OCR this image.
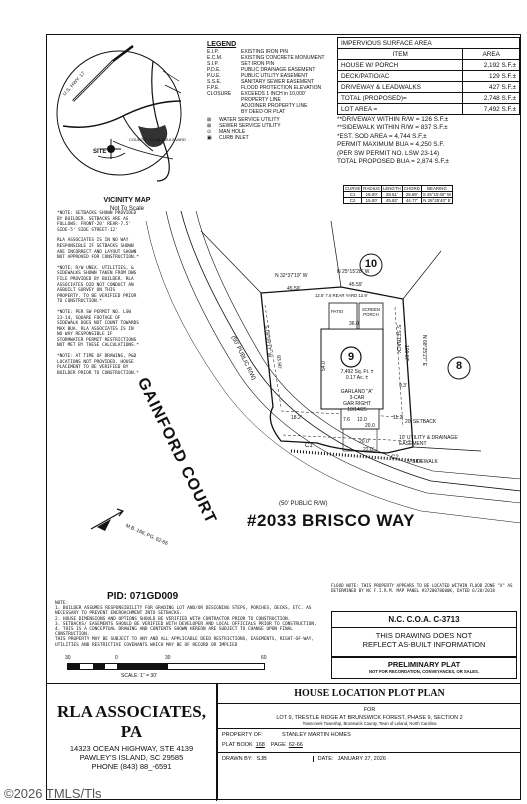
SITE
U.S. HWY. 17
COUNTRY CLUB BOULEVARD
VICINITY MAP
Not To Scale
LEGEND
E.I.P.	EXISTING IRON PIN
E.C.M.	EXISTING CONCRETE MONUMENT
S.I.P.	SET IRON PIN
P.D.E.	PUBLIC DRAINAGE EASEMENT
P.U.E.	PUBLIC UTILITY EASEMENT
S.S.E.	SANITARY SEWER EASEMENT
F.P.E.	FLOOD PROTECTION ELEVATION
CLOSURE	EXCEEDS 1 INCH in 10,000'
PROPERTY LINE
ADJOINER PROPERTY LINE
BY DEED OR PLAT
⊠ WATER SERVICE UTILITY
⊠ SEWER SERVICE UTILITY
⊙ MAN HOLE
▣ CURB INLET
IMPERVIOUS SURFACE AREA	
ITEM	AREA
HOUSE W/ PORCH	2,192 S.F.±
DECK/PATIO/AC	129 S.F.±
DRIVEWAY & LEADWALKS	427 S.F.±
TOTAL (PROPOSED)=	2,748 S.F.±
LOT AREA =	7,492 S.F.±
**DRIVEWAY WITHIN R/W = 126 S.F.±
**SIDEWALK WITHIN R/W = 837 S.F.±
*EST. SOD AREA = 4,744 S.F.±
PERMIT MAXIMUM BUA = 4,250 S.F.
(PER SW PERMIT NO. LSW 23-14)
TOTAL PROPOSED BUA = 2,874 S.F.±
CURVE	RADIUS	LENGTH	CHORD	BEARING
C1	18.00'	28.61'	25.69'	S 25°15'40" W
C2	15.00'	45.82'	44.77'	N 28°25'40" E
*NOTE: SETBACKS SHOWN PROVIDED BY BUILDER. SETBACKS ARE AS FOLLOWS: FRONT-20' REAR-7.5' SIDE-5' SIDE STREET-12'
RLA ASSOCIATES IS IN NO WAY RESPONSIBLE IF SETBACKS SHOWN ARE INCORRECT AND LAYOUT SHOWN NOT APPROVED FOR CONSTRUCTION.*
*NOTE: R/W UNEX. UTILITIES, & SIDEWALKS SHOWN TAKEN FROM DWG FILE PROVIDED BY BUILDER. RLA ASSOCIATES DID NOT CONDUCT AN ASBUILT SURVEY ON THIS PROPERTY. TO BE VERIFIED PRIOR TO CONSTRUCTION.*
*NOTE: PER SW PERMIT NO. LSW 23-14, SQUARE FOOTAGE OF SIDEWALK DOES NOT COUNT TOWARDS MAX BUA. RLA ASSOCIATES IS IN NO WAY RESPONSIBLE IF STORMWATER PERMIT RESTRICTIONS NOT MET BY THESE CALCULATIONS.*
*NOTE: AT TIME OF DRAWING, P&D LOCATIONS NOT PROVIDED. HOUSE PLACEMENT TO BE VERIFIED BY BUILDER PRIOR TO CONSTRUCTION.*
10
9
8
GAINFORD COURT
(50' PUBLIC R/W)
N 32°37'19" W
N 25°15'28" W
N 68°25'27" E
S 09°09'17" W
45.59'
45.59'
83.90'
100.07'
12.5' 7.6 REAR YARD 12.9'
PATIO	SCREEN PORCH
7,492 Sq. Ft. ±
0.17 Ac. ±
GARLAND "A"
3-CAR
GAR RIGHT
10/14/25
5' SETBACK
20' SETBACK
10' UTILITY & DRAINAGE EASEMENT
5' SIDEWALK
C1
C2
22.0'
54.0
36.0
20.0
11.2'
9.3'
20.0'
18.2'	7.6 12.0
(50' PUBLIC R/W)
#2033 BRISCO WAY
M.B. 168, PG. 62-66
PID: 071GD009
FLOOD NOTE: THIS PROPERTY APPEARS TO BE LOCATED WITHIN FLOOD ZONE "X" AS DETERMINED BY NC F.I.R.M. MAP PANEL #3720078600K, DATED 6/28/2018
NOTE:
1. BUILDER ASSUMES RESPONSIBILITY FOR GRADING LOT AND/OR DESIGNING STEPS, PORCHES, DECKS, ETC. AS NECESSARY TO PREVENT ENCROACHMENT INTO SETBACKS.
2. HOUSE DIMENSIONS AND OPTIONS SHOULD BE VERIFIED WITH CONTRACTOR PRIOR TO CONSTRUCTION.
3. SETBACKS/ EASEMENTS SHOULD BE VERIFIED WITH DEVELOPER AND LOCAL OFFICIALS PRIOR TO CONSTRUCTION.
4. THIS IS A CONCEPTUAL DRAWING AND CONTENTS SHOWN HEREON ARE SUBJECT TO CHANGE UPON FINAL CONSTRUCTION.
THIS PROPERTY MAY BE SUBJECT TO ANY AND ALL APPLICABLE DEED RESTRICTIONS, EASEMENTS, RIGHT-OF-WAY, UTILITIES AND RESTRICTIVE COVENANTS WHICH MAY BE OF RECORD OR IMPLIED
N.C. C.O.A. C-3713
THIS DRAWING DOES NOT
REFLECT AS-BUILT INFORMATION
PRELIMINARY PLAT
NOT FOR RECORDATION, CONVEYANCES, OR SALES.
30	0	30	60
SCALE: 1" = 30'
RLA ASSOCIATES, PA
14323 OCEAN HIGHWAY, STE 4139
PAWLEY'S ISLAND, SC 29585
PHONE (843) 88_-6591
HOUSE LOCATION PLOT PLAN
FOR
LOT 9, TRESTLE RIDGE AT BRUNSWICK FOREST, PHASE 9, SECTION 2
Towncreek Township, Brunswick County, Town of Leland, North Carolina
PROPERTY OF:	STANLEY MARTIN HOMES
PLAT BOOK 168 PAGE 62-66
DRAWN BY: SJB	DATE: JANUARY 27, 2026
©2026 TMLS/Tls
